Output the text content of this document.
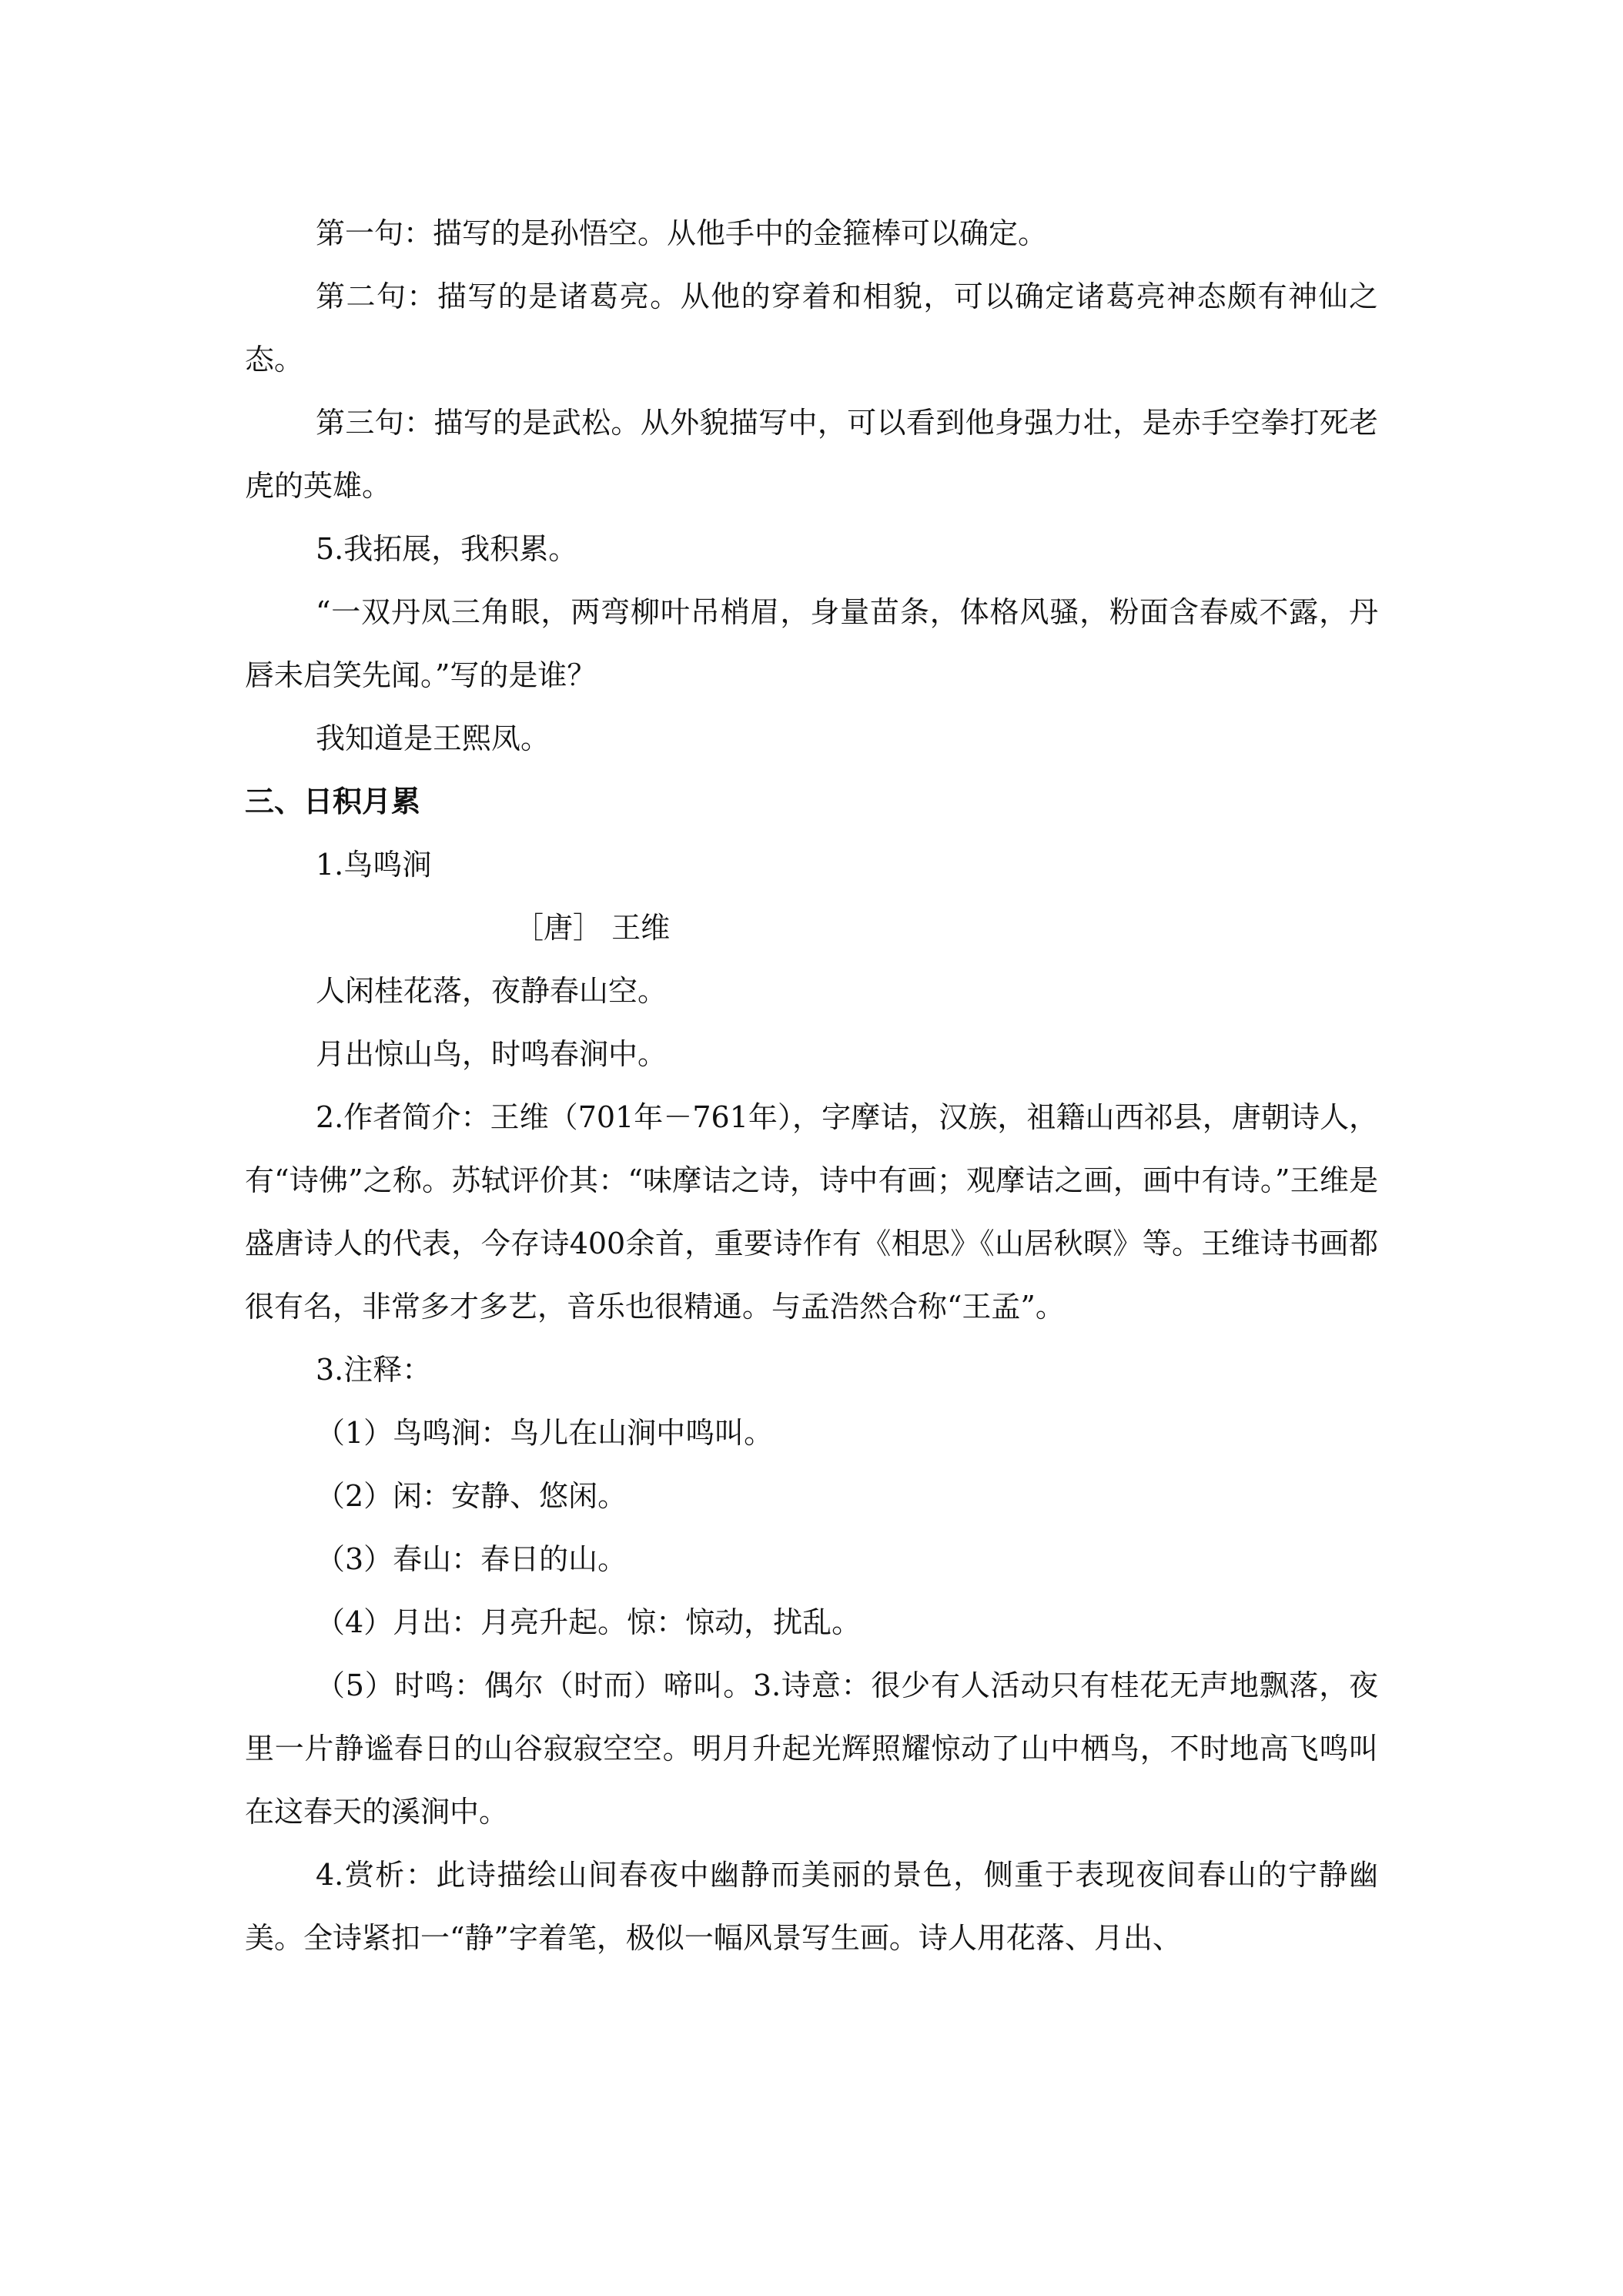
第一句：描写的是孙悟空。从他手中的金箍棒可以确定。

第二句：描写的是诸葛亮。从他的穿着和相貌，可以确定诸葛亮神态颇有神仙之态。

第三句：描写的是武松。从外貌描写中，可以看到他身强力壮，是赤手空拳打死老虎的英雄。

5.我拓展，我积累。

“一双丹凤三角眼，两弯柳叶吊梢眉，身量苗条，体格风骚，粉面含春威不露，丹唇未启笑先闻。”写的是谁？

我知道是王熙凤。

三、日积月累

1.鸟鸣涧

［唐］ 王维

人闲桂花落，夜静春山空。

月出惊山鸟，时鸣春涧中。

2.作者简介：王维（701年－761年），字摩诘，汉族，祖籍山西祁县，唐朝诗人，有“诗佛”之称。苏轼评价其：“味摩诘之诗，诗中有画；观摩诘之画，画中有诗。”王维是盛唐诗人的代表，今存诗400余首，重要诗作有《相思》《山居秋暝》等。王维诗书画都很有名，非常多才多艺，音乐也很精通。与孟浩然合称“王孟”。

3.注释：

（1）鸟鸣涧：鸟儿在山涧中鸣叫。

（2）闲：安静、悠闲。

（3）春山：春日的山。

（4）月出：月亮升起。惊：惊动，扰乱。

（5）时鸣：偶尔（时而）啼叫。3.诗意：很少有人活动只有桂花无声地飘落，夜里一片静谧春日的山谷寂寂空空。明月升起光辉照耀惊动了山中栖鸟，不时地高飞鸣叫在这春天的溪涧中。

4.赏析：此诗描绘山间春夜中幽静而美丽的景色，侧重于表现夜间春山的宁静幽美。全诗紧扣一“静”字着笔，极似一幅风景写生画。诗人用花落、月出、
